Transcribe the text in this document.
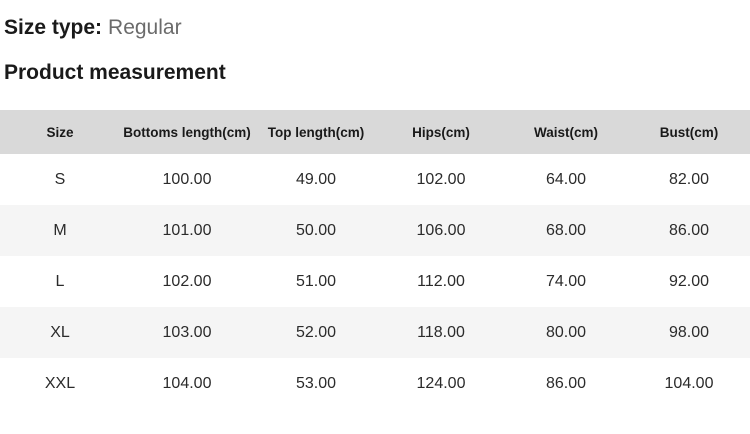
Size type: Regular
Product measurement
Size	Bottoms length(cm)	Top length(cm)	Hips(cm)	Waist(cm)	Bust(cm)
S	100.00	49.00	102.00	64.00	82.00
M	101.00	50.00	106.00	68.00	86.00
L	102.00	51.00	112.00	74.00	92.00
XL	103.00	52.00	118.00	80.00	98.00
XXL	104.00	53.00	124.00	86.00	104.00
